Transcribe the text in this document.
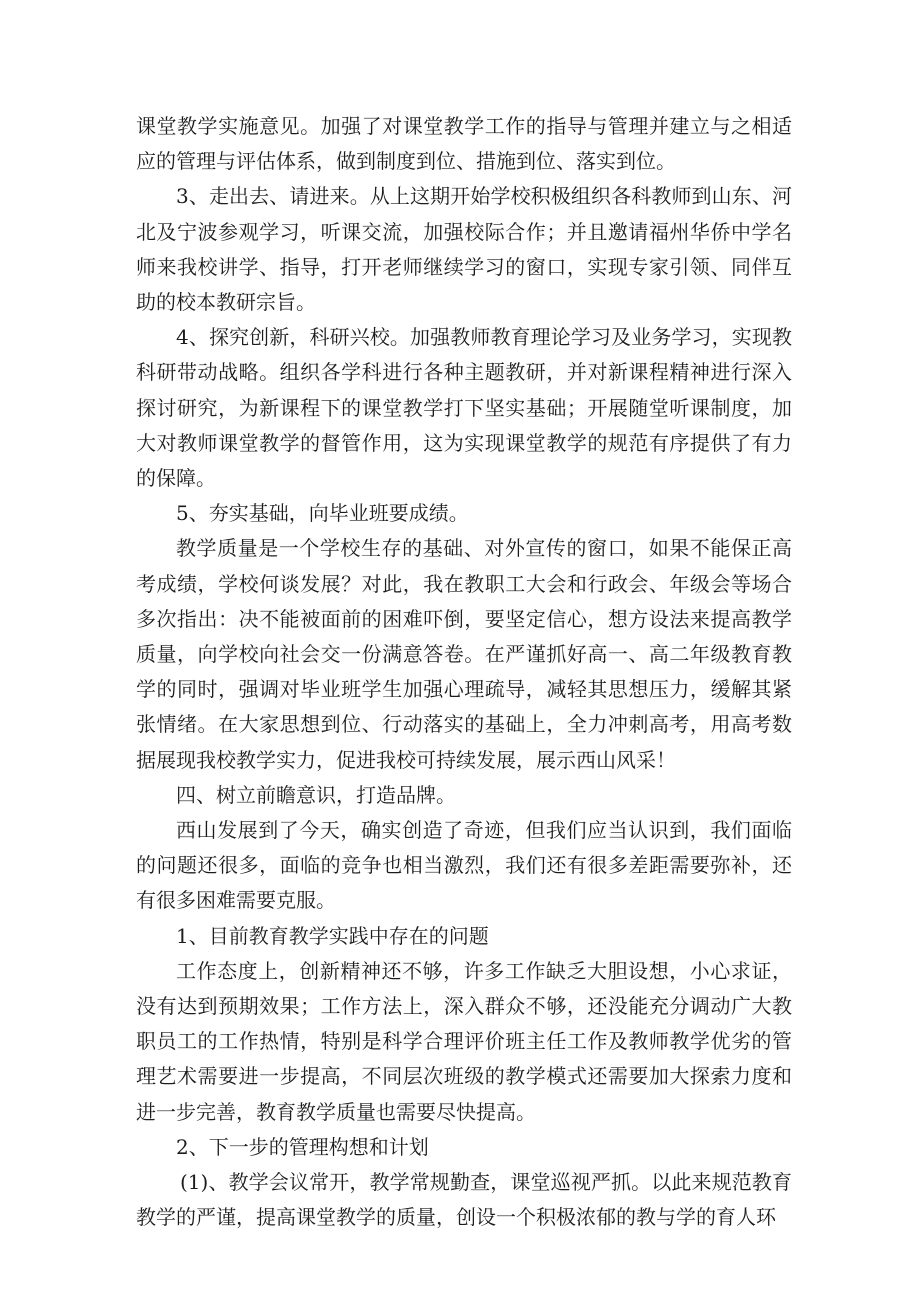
课堂教学实施意见。加强了对课堂教学工作的指导与管理并建立与之相适应的管理与评估体系，做到制度到位、措施到位、落实到位。

3、走出去、请进来。从上这期开始学校积极组织各科教师到山东、河北及宁波参观学习，听课交流，加强校际合作；并且邀请福州华侨中学名师来我校讲学、指导，打开老师继续学习的窗口，实现专家引领、同伴互助的校本教研宗旨。

4、探究创新，科研兴校。加强教师教育理论学习及业务学习，实现教科研带动战略。组织各学科进行各种主题教研，并对新课程精神进行深入探讨研究，为新课程下的课堂教学打下坚实基础；开展随堂听课制度，加大对教师课堂教学的督管作用，这为实现课堂教学的规范有序提供了有力的保障。

5、夯实基础，向毕业班要成绩。

教学质量是一个学校生存的基础、对外宣传的窗口，如果不能保正高考成绩，学校何谈发展？对此，我在教职工大会和行政会、年级会等场合多次指出：决不能被面前的困难吓倒，要坚定信心，想方设法来提高教学质量，向学校向社会交一份满意答卷。在严谨抓好高一、高二年级教育教学的同时，强调对毕业班学生加强心理疏导，减轻其思想压力，缓解其紧张情绪。在大家思想到位、行动落实的基础上，全力冲刺高考，用高考数据展现我校教学实力，促进我校可持续发展，展示西山风采！

四、树立前瞻意识，打造品牌。

西山发展到了今天，确实创造了奇迹，但我们应当认识到，我们面临的问题还很多，面临的竞争也相当激烈，我们还有很多差距需要弥补，还有很多困难需要克服。

1、目前教育教学实践中存在的问题

工作态度上，创新精神还不够，许多工作缺乏大胆设想，小心求证，没有达到预期效果；工作方法上，深入群众不够，还没能充分调动广大教职员工的工作热情，特别是科学合理评价班主任工作及教师教学优劣的管理艺术需要进一步提高，不同层次班级的教学模式还需要加大探索力度和进一步完善，教育教学质量也需要尽快提高。

2、下一步的管理构想和计划

(1)、教学会议常开，教学常规勤查，课堂巡视严抓。以此来规范教育教学的严谨，提高课堂教学的质量，创设一个积极浓郁的教与学的育人环
